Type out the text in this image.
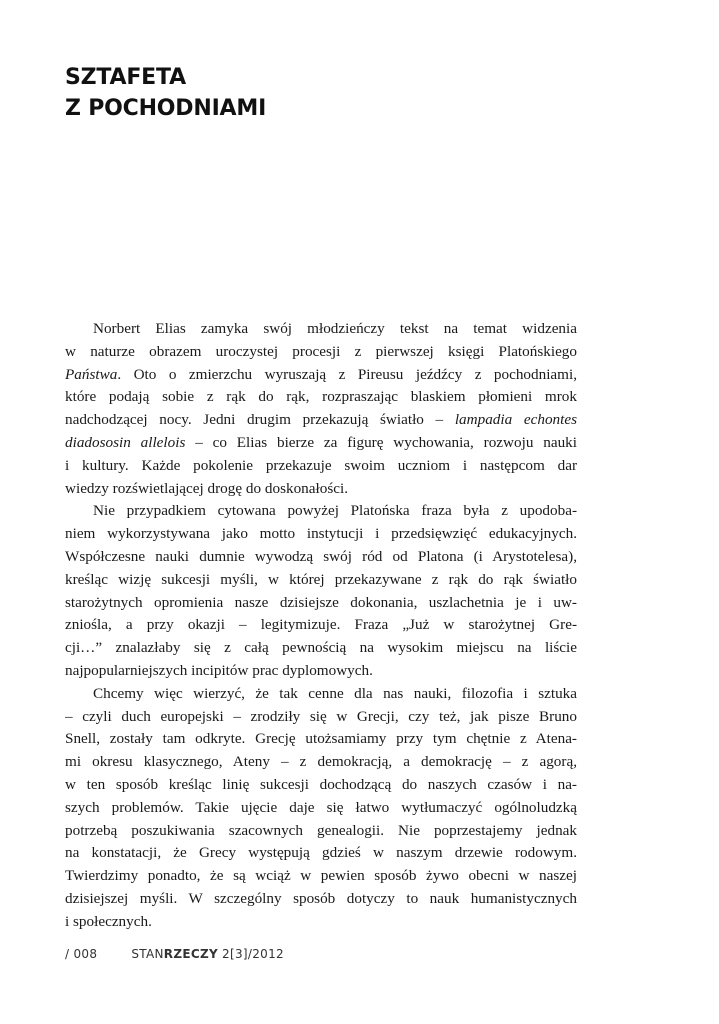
SZTAFETA
Z POCHODNIAMI
Norbert Elias zamyka swój młodzieńczy tekst na temat widzenia
w naturze obrazem uroczystej procesji z pierwszej księgi Platońskiego
Państwa. Oto o zmierzchu wyruszają z Pireusu jeźdźcy z pochodniami,
które podają sobie z rąk do rąk, rozpraszając blaskiem płomieni mrok
nadchodzącej nocy. Jedni drugim przekazują światło – lampadia echontes
diadososin allelois – co Elias bierze za figurę wychowania, rozwoju nauki
i kultury. Każde pokolenie przekazuje swoim uczniom i następcom dar
wiedzy rozświetlającej drogę do doskonałości.
Nie przypadkiem cytowana powyżej Platońska fraza była z upodoba-
niem wykorzystywana jako motto instytucji i przedsięwzięć edukacyjnych.
Współczesne nauki dumnie wywodzą swój ród od Platona (i Arystotelesa),
kreśląc wizję sukcesji myśli, w której przekazywane z rąk do rąk światło
starożytnych opromienia nasze dzisiejsze dokonania, uszlachetnia je i uw-
zniośla, a przy okazji – legitymizuje. Fraza „Już w starożytnej Gre-
cji…” znalazłaby się z całą pewnością na wysokim miejscu na liście
najpopularniejszych incipitów prac dyplomowych.
Chcemy więc wierzyć, że tak cenne dla nas nauki, filozofia i sztuka
– czyli duch europejski – zrodziły się w Grecji, czy też, jak pisze Bruno
Snell, zostały tam odkryte. Grecję utożsamiamy przy tym chętnie z Atena-
mi okresu klasycznego, Ateny – z demokracją, a demokrację – z agorą,
w ten sposób kreśląc linię sukcesji dochodzącą do naszych czasów i na-
szych problemów. Takie ujęcie daje się łatwo wytłumaczyć ogólnoludzką
potrzebą poszukiwania szacownych genealogii. Nie poprzestajemy jednak
na konstatacji, że Grecy występują gdzieś w naszym drzewie rodowym.
Twierdzimy ponadto, że są wciąż w pewien sposób żywo obecni w naszej
dzisiejszej myśli. W szczególny sposób dotyczy to nauk humanistycznych
i społecznych.
/ 008	STANRZECZY 2[3]/2012
